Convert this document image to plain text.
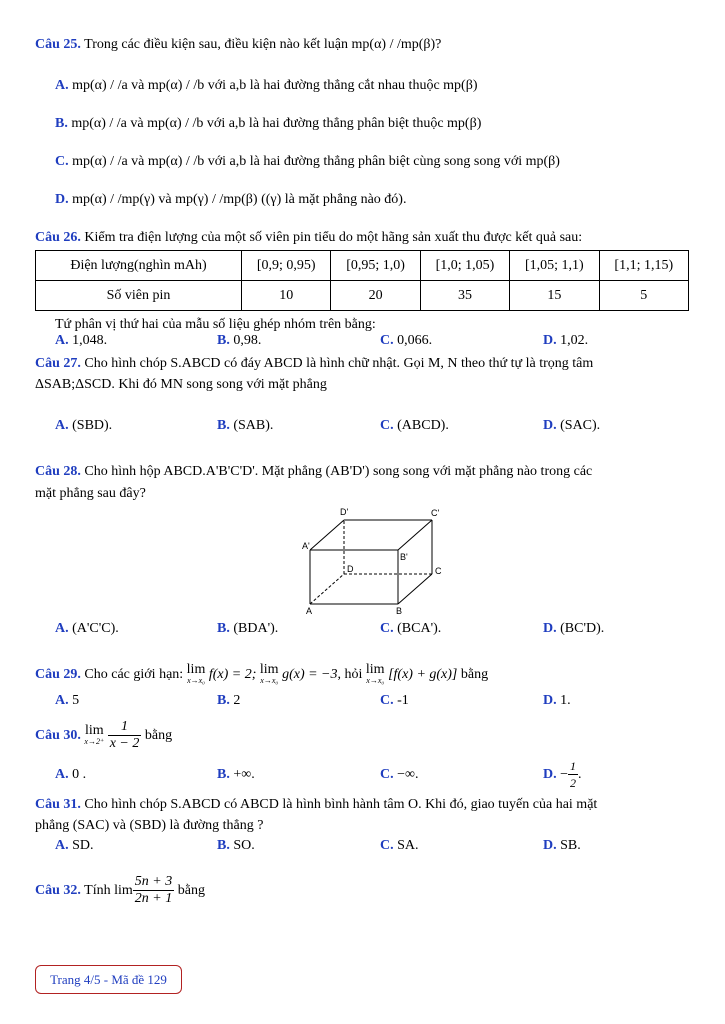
Câu 25. Trong các điều kiện sau, điều kiện nào kết luận mp(α) / /mp(β)?
A. mp(α) / /a và mp(α) / /b với a,b là hai đường thẳng cắt nhau thuộc mp(β)
B. mp(α) / /a và mp(α) / /b với a,b là hai đường thẳng phân biệt thuộc mp(β)
C. mp(α) / /a và mp(α) / /b với a,b là hai đường thẳng phân biệt cùng song song với mp(β)
D. mp(α) / /mp(γ) và mp(γ) / /mp(β) ((γ) là mặt phẳng nào đó).
Câu 26. Kiểm tra điện lượng của một số viên pin tiểu do một hãng sản xuất thu được kết quả sau:
Điện lượng(nghìn mAh)	[0,9; 0,95)	[0,95; 1,0)	[1,0; 1,05)	[1,05; 1,1)	[1,1; 1,15)
Số viên pin	10	20	35	15	5
Tứ phân vị thứ hai của mẫu số liệu ghép nhóm trên bằng:
A. 1,048.	B. 0,98.	C. 0,066.	D. 1,02.
Câu 27. Cho hình chóp S.ABCD có đáy ABCD là hình chữ nhật. Gọi M, N theo thứ tự là trọng tâm
ΔSAB;ΔSCD. Khi đó MN song song với mặt phẳng
A. (SBD).	B. (SAB).	C. (ABCD).	D. (SAC).
Câu 28. Cho hình hộp ABCD.A'B'C'D'. Mặt phẳng (AB'D') song song với mặt phẳng nào trong các
mặt phẳng sau đây?
A	B
C
D
A'
B'
C'
D'
A. (A'C'C).	B. (BDA').	C. (BCA').	D. (BC'D).
Câu 29. Cho các giới hạn: lim
x→x₀ f(x) = 2; lim
x→x₀ g(x) = −3, hỏi lim
x→x₀ [f(x) + g(x)] bằng
A. 5	B. 2	C. -1	D. 1.
Câu 30. lim
x→2⁺
$\frac{1}{x - 2}$ bằng
A. 0 .	B. +∞.	C. −∞.	D. − $\frac{1}{2}$ .
Câu 31. Cho hình chóp S.ABCD có ABCD là hình bình hành tâm O. Khi đó, giao tuyến của hai mặt
phẳng (SAC) và (SBD) là đường thẳng ?
A. SD.	B. SO.	C. SA.	D. SB.
Câu 32. Tính $\lim \frac{5n + 3}{2n + 1}$ bằng
Trang 4/5 - Mã đề 129
